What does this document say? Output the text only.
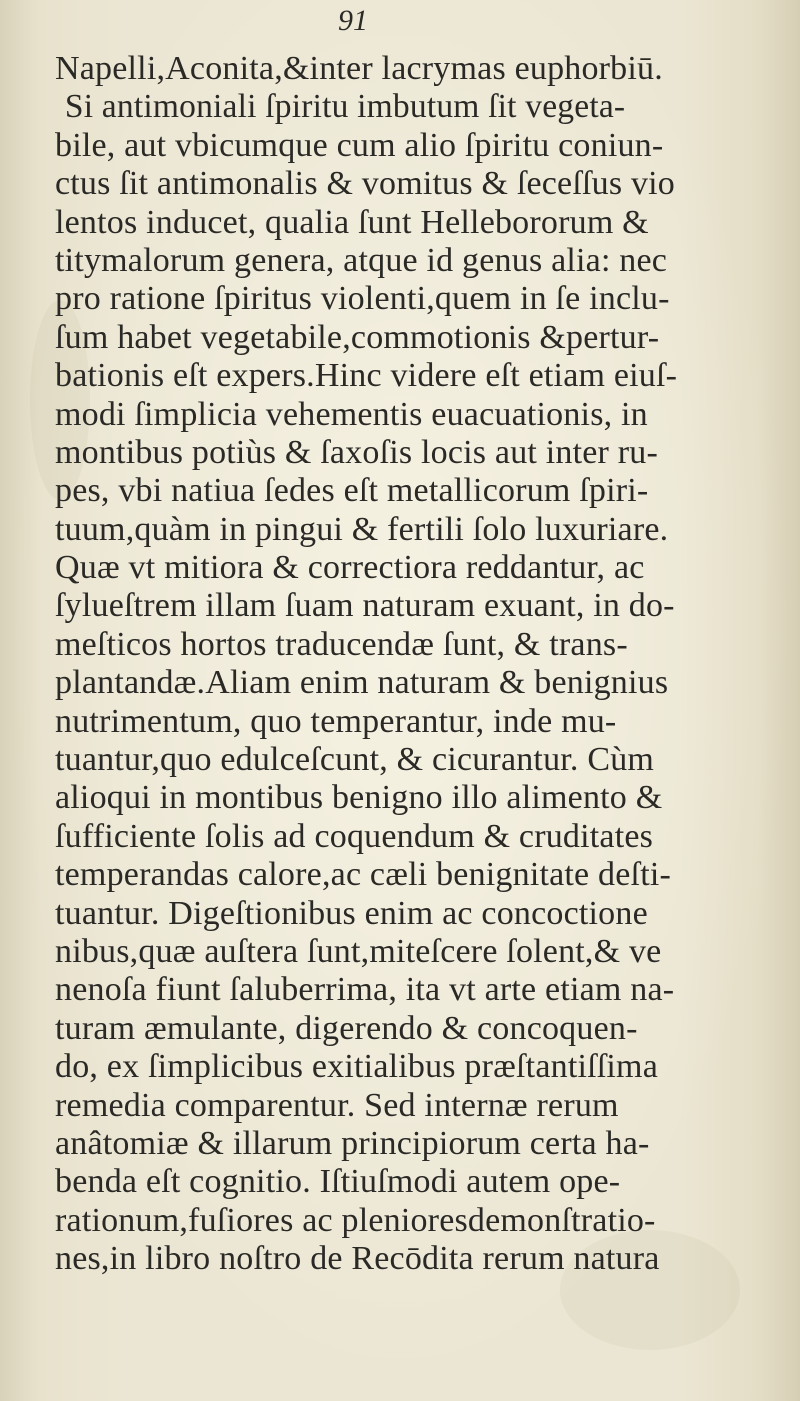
91
Napelli,Aconita,&inter lacrymas euphorbiū.
Si antimoniali ſpiritu imbutum ſit vegeta-
bile, aut vbicumque cum alio ſpiritu coniun-
ctus ſit antimonalis & vomitus & ſeceſſus vio
lentos inducet, qualia ſunt Hellebororum &
titymalorum genera, atque id genus alia: nec
pro ratione ſpiritus violenti,quem in ſe inclu-
ſum habet vegetabile,commotionis &pertur-
bationis eſt expers.Hinc videre eſt etiam eiuſ-
modi ſimplicia vehementis euacuationis, in
montibus potiùs & ſaxoſis locis aut inter ru-
pes, vbi natiua ſedes eſt metallicorum ſpiri-
tuum,quàm in pingui & fertili ſolo luxuriare.
Quæ vt mitiora & correctiora reddantur, ac
ſylueſtrem illam ſuam naturam exuant, in do-
meſticos hortos traducendæ ſunt, & trans-
plantandæ.Aliam enim naturam & benignius
nutrimentum, quo temperantur, inde mu-
tuantur,quo edulceſcunt, & cicurantur. Cùm
alioqui in montibus benigno illo alimento &
ſufficiente ſolis ad coquendum & cruditates
temperandas calore,ac cæli benignitate deſti-
tuantur. Digeſtionibus enim ac concoctione
nibus,quæ auſtera ſunt,miteſcere ſolent,& ve
nenoſa fiunt ſaluberrima, ita vt arte etiam na-
turam æmulante, digerendo & concoquen-
do, ex ſimplicibus exitialibus præſtantiſſima
remedia comparentur. Sed internæ rerum
anâtomiæ & illarum principiorum certa ha-
benda eſt cognitio. Iſtiuſmodi autem ope-
rationum,fuſiores ac plenioresdemonſtratio-
nes,in libro noſtro de Recōdita rerum natura
